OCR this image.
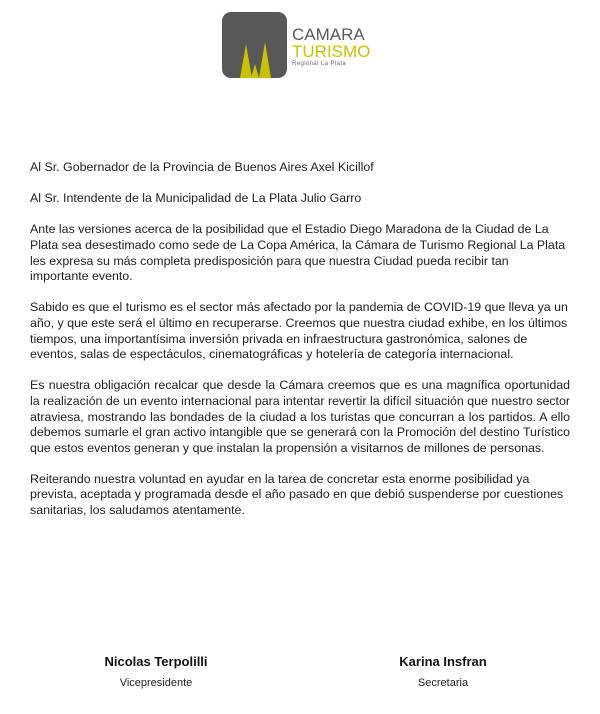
CAMARA
TURISMO
Regional La Plata

Al Sr. Gobernador de la Provincia de Buenos Aires Axel Kicillof

Al Sr. Intendente de la Municipalidad de La Plata Julio Garro

Ante las versiones acerca de la posibilidad que el Estadio Diego Maradona de la Ciudad de La Plata sea desestimado como sede de La Copa América, la Cámara de Turismo Regional La Plata les expresa su más completa predisposición para que nuestra Ciudad pueda recibir tan importante evento.

Sabido es que el turismo es el sector más afectado por la pandemia de COVID-19 que lleva ya un año, y que este será el último en recuperarse. Creemos que nuestra ciudad exhibe, en los últimos tiempos, una importantísima inversión privada en infraestructura gastronómica, salones de eventos, salas de espectáculos, cinematográficas y hotelería de categoría internacional.

Es nuestra obligación recalcar que desde la Cámara creemos que es una magnífica oportunidad la realización de un evento internacional para intentar revertir la difícil situación que nuestro sector atraviesa, mostrando las bondades de la ciudad a los turistas que concurran a los partidos. A ello debemos sumarle el gran activo intangible que se generará con la Promoción del destino Turístico que estos eventos generan y que instalan la propensión a visitarnos de millones de personas.

Reiterando nuestra voluntad en ayudar en la tarea de concretar esta enorme posibilidad ya prevista, aceptada y programada desde el año pasado en que debió suspenderse por cuestiones sanitarias, los saludamos atentamente.

Nicolas Terpolilli
Vicepresidente
Karina Insfran
Secretaria
